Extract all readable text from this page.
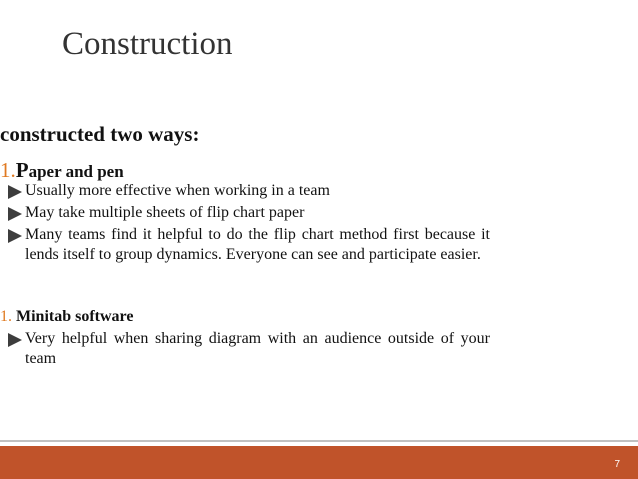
Construction
constructed two ways:
1.Paper and pen
Usually more effective when working in a team
May take multiple sheets of flip chart paper
Many teams find it helpful to do the flip chart method first because it lends itself to group dynamics. Everyone can see and participate easier.
1. Minitab software
Very helpful when sharing diagram with an audience outside of your team
7
